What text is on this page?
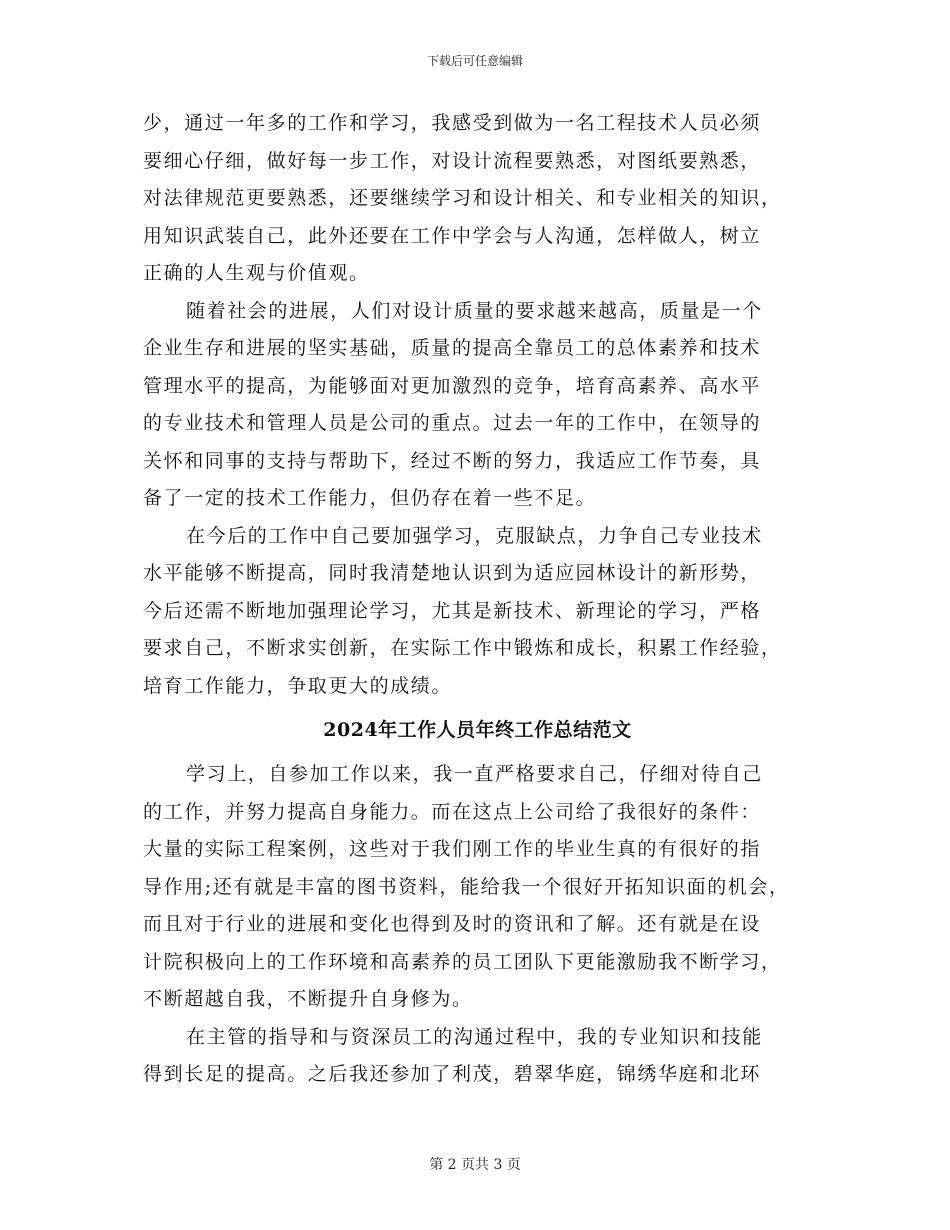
下载后可任意编辑
少，通过一年多的工作和学习，我感受到做为一名工程技术人员必须
要细心仔细，做好每一步工作，对设计流程要熟悉，对图纸要熟悉，
对法律规范更要熟悉，还要继续学习和设计相关、和专业相关的知识，
用知识武装自己，此外还要在工作中学会与人沟通，怎样做人，树立
正确的人生观与价值观。
随着社会的进展，人们对设计质量的要求越来越高，质量是一个
企业生存和进展的坚实基础，质量的提高全靠员工的总体素养和技术
管理水平的提高，为能够面对更加激烈的竞争，培育高素养、高水平
的专业技术和管理人员是公司的重点。过去一年的工作中，在领导的
关怀和同事的支持与帮助下，经过不断的努力，我适应工作节奏，具
备了一定的技术工作能力，但仍存在着一些不足。
在今后的工作中自己要加强学习，克服缺点，力争自己专业技术
水平能够不断提高，同时我清楚地认识到为适应园林设计的新形势，
今后还需不断地加强理论学习，尤其是新技术、新理论的学习，严格
要求自己，不断求实创新，在实际工作中锻炼和成长，积累工作经验，
培育工作能力，争取更大的成绩。
2024年工作人员年终工作总结范文
学习上，自参加工作以来，我一直严格要求自己，仔细对待自己
的工作，并努力提高自身能力。而在这点上公司给了我很好的条件：
大量的实际工程案例，这些对于我们刚工作的毕业生真的有很好的指
导作用;还有就是丰富的图书资料，能给我一个很好开拓知识面的机会，
而且对于行业的进展和变化也得到及时的资讯和了解。还有就是在设
计院积极向上的工作环境和高素养的员工团队下更能激励我不断学习，
不断超越自我，不断提升自身修为。
在主管的指导和与资深员工的沟通过程中，我的专业知识和技能
得到长足的提高。之后我还参加了利茂，碧翠华庭，锦绣华庭和北环
第 2 页共 3 页
